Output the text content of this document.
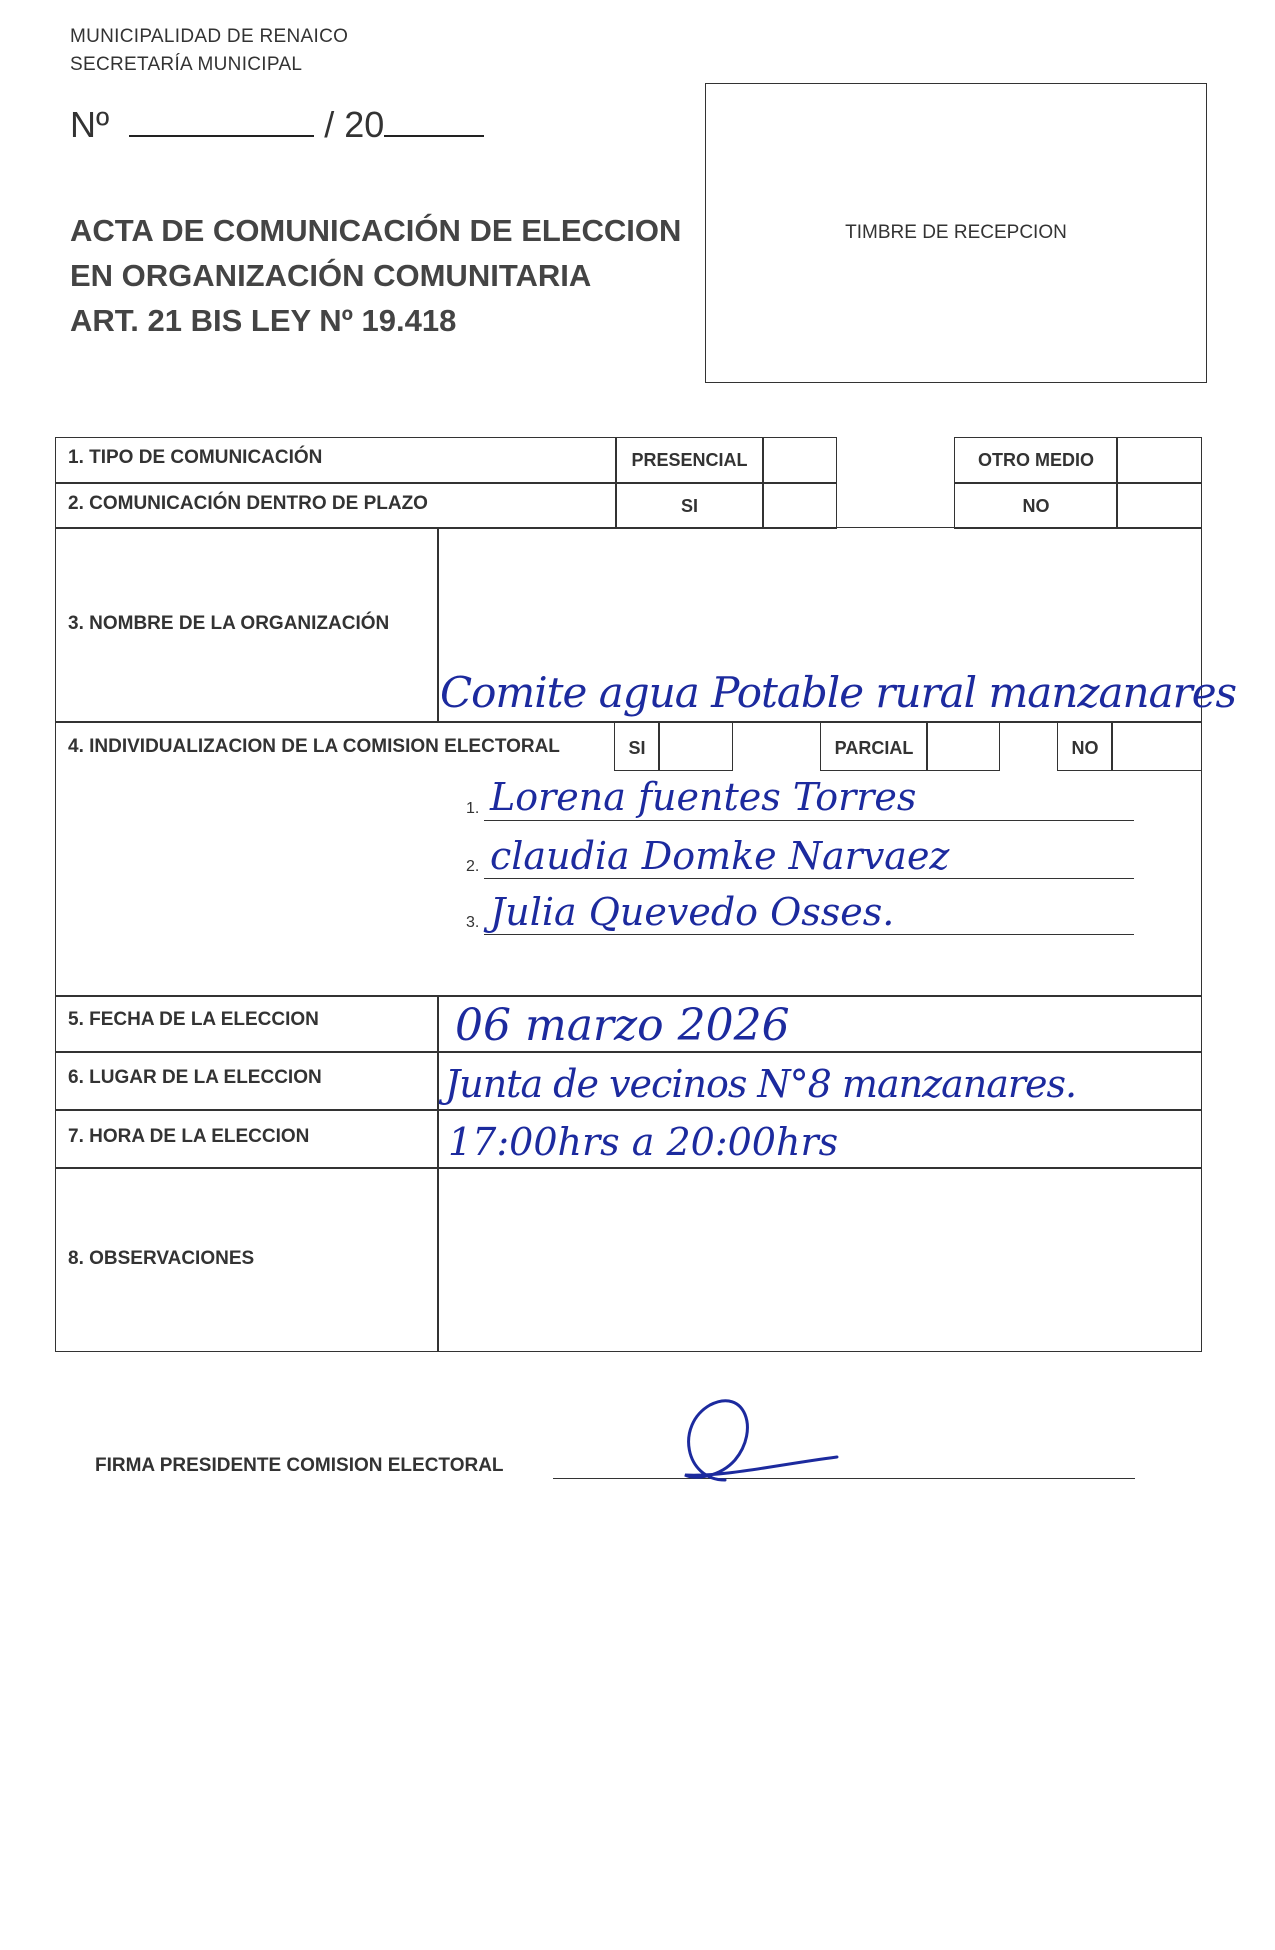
MUNICIPALIDAD DE RENAICO
SECRETARÍA MUNICIPAL
Nº	/ 20
ACTA DE COMUNICACIÓN DE ELECCION
EN ORGANIZACIÓN COMUNITARIA
ART. 21 BIS LEY Nº 19.418
TIMBRE DE RECEPCION
1. TIPO DE COMUNICACIÓN	PRESENCIAL	OTRO MEDIO
2. COMUNICACIÓN DENTRO DE PLAZO	SI	NO
3. NOMBRE DE LA ORGANIZACIÓN
Comite agua Potable rural manzanares
4. INDIVIDUALIZACION DE LA COMISION ELECTORAL	SI	PARCIAL	NO
1. Lorena fuentes Torres
2. claudia Domke Narvaez
3. Julia Quevedo Osses.
5. FECHA DE LA ELECCION	06 marzo 2026
6. LUGAR DE LA ELECCION	Junta de vecinos N°8 manzanares.
7. HORA DE LA ELECCION	17:00hrs a 20:00hrs
8. OBSERVACIONES
FIRMA PRESIDENTE COMISION ELECTORAL
